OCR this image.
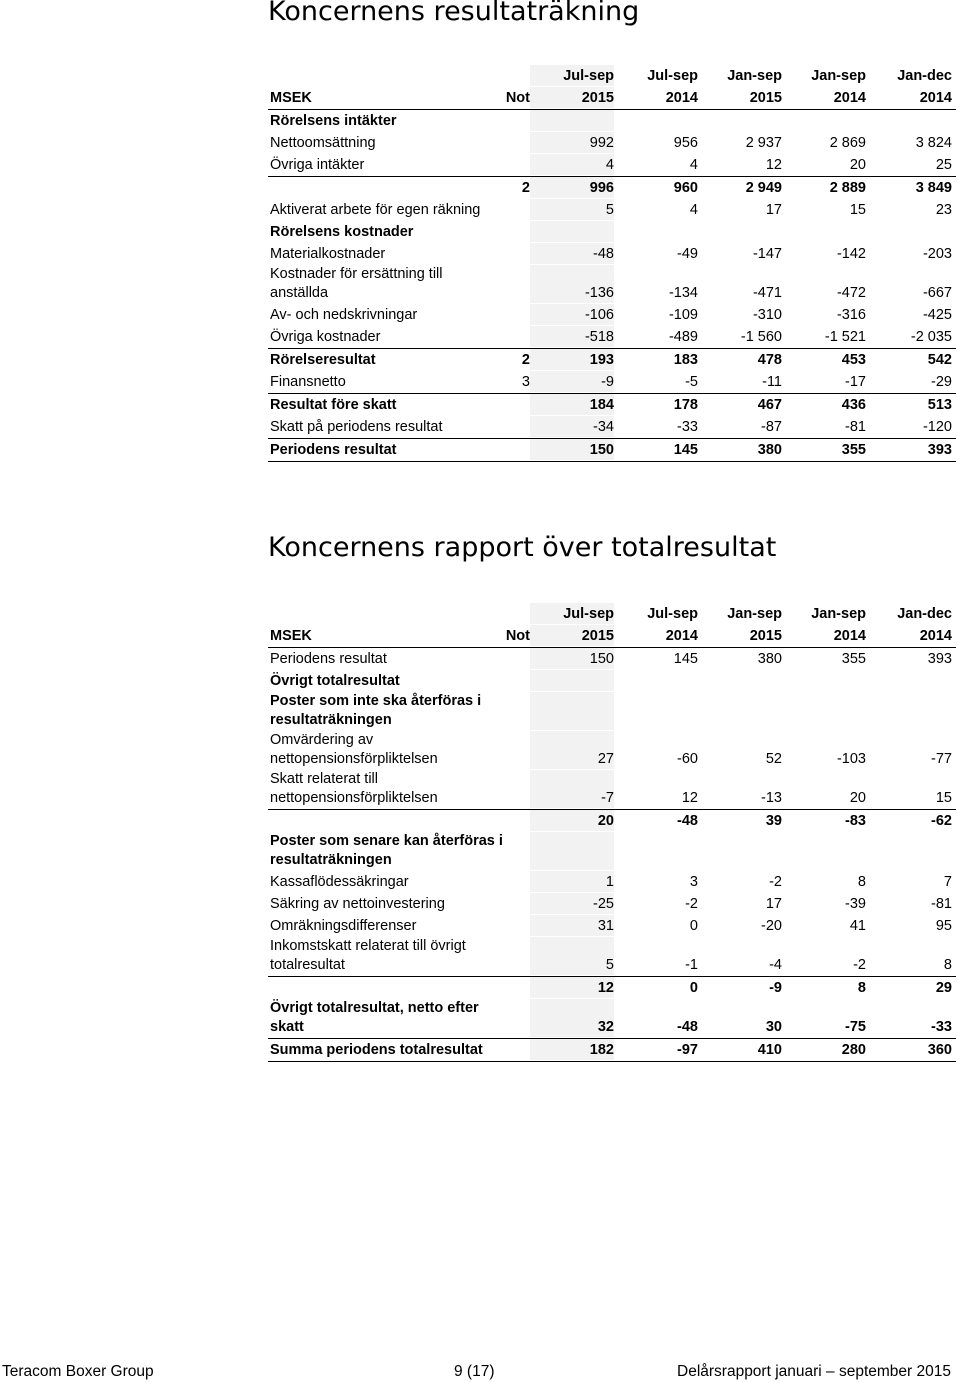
Koncernens resultaträkning
Jul-sep	Jul-sep	Jan-sep	Jan-sep	Jan-dec
MSEK	Not	2015	2014	2015	2014	2014
Rörelsens intäkter
Nettoomsättning	992	956	2 937	2 869	3 824
Övriga intäkter	4	4	12	20	25
2	996	960	2 949	2 889	3 849
Aktiverat arbete för egen räkning	5	4	17	15	23
Rörelsens kostnader
Materialkostnader	-48	-49	-147	-142	-203
Kostnader för ersättning till anställda	-136	-134	-471	-472	-667
Av- och nedskrivningar	-106	-109	-310	-316	-425
Övriga kostnader	-518	-489	-1 560	-1 521	-2 035
Rörelseresultat	2	193	183	478	453	542
Finansnetto	3	-9	-5	-11	-17	-29
Resultat före skatt	184	178	467	436	513
Skatt på periodens resultat	-34	-33	-87	-81	-120
Periodens resultat	150	145	380	355	393
Koncernens rapport över totalresultat
Jul-sep	Jul-sep	Jan-sep	Jan-sep	Jan-dec
MSEK	Not	2015	2014	2015	2014	2014
Periodens resultat	150	145	380	355	393
Övrigt totalresultat
Poster som inte ska återföras i resultaträkningen
Omvärdering av nettopensionsförpliktelsen	27	-60	52	-103	-77
Skatt relaterat till nettopensionsförpliktelsen	-7	12	-13	20	15
20	-48	39	-83	-62
Poster som senare kan återföras i resultaträkningen
Kassaflödessäkringar	1	3	-2	8	7
Säkring av nettoinvestering	-25	-2	17	-39	-81
Omräkningsdifferenser	31	0	-20	41	95
Inkomstskatt relaterat till övrigt totalresultat	5	-1	-4	-2	8
12	0	-9	8	29
Övrigt totalresultat, netto efter skatt	32	-48	30	-75	-33
Summa periodens totalresultat	182	-97	410	280	360
Teracom Boxer Group	9 (17)	Delårsrapport januari – september 2015
